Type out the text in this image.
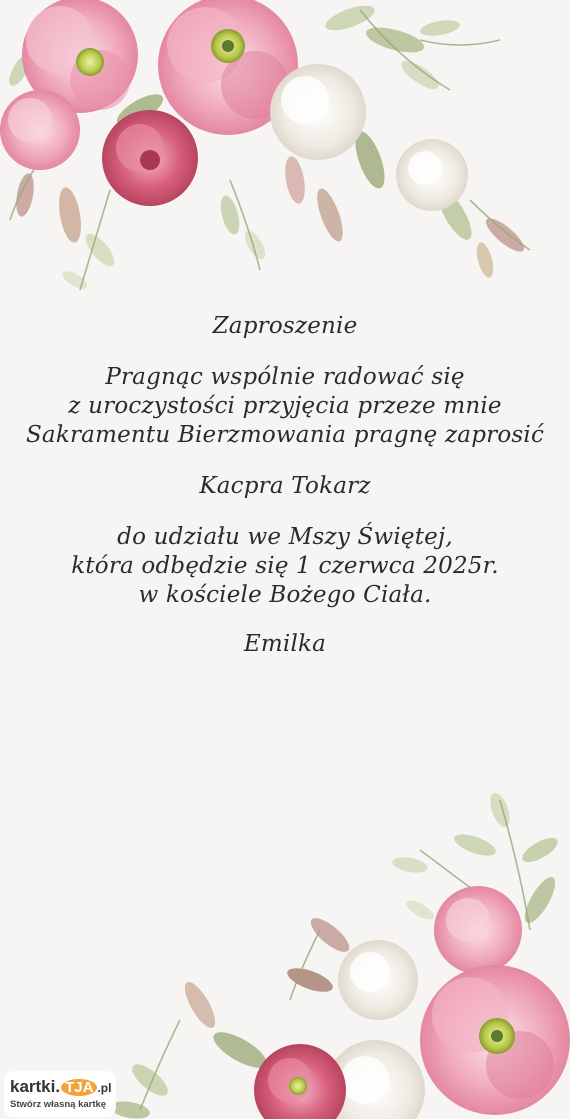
Zaproszenie
Pragnąc wspólnie radować się
z uroczystości przyjęcia przeze mnie
Sakramentu Bierzmowania pragnę zaprosić
Kacpra Tokarz
do udziału we Mszy Świętej,
która odbędzie się 1 czerwca 2025r.
w kościele Bożego Ciała.
Emilka
kartki. TJA .pl
Stwórz własną kartkę
